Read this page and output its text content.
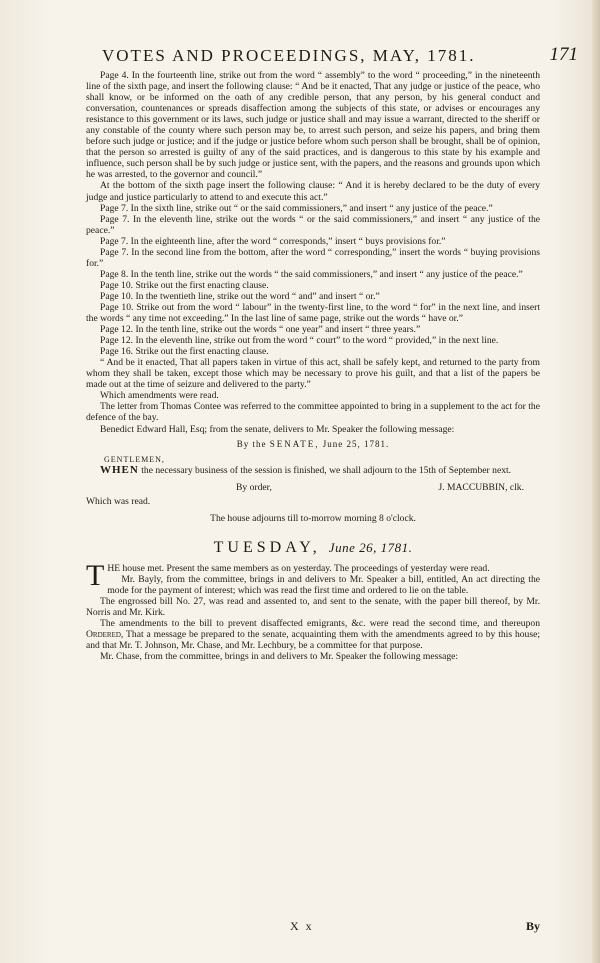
VOTES AND PROCEEDINGS, MAY, 1781.	171

Page 4. In the fourteenth line, strike out from the word “ assembly” to the word “ proceeding,” in the nineteenth line of the sixth page, and insert the following clause: “ And be it enacted, That any judge or justice of the peace, who shall know, or be informed on the oath of any credible person, that any person, by his general conduct and conversation, countenances or spreads disaffection among the subjects of this state, or advises or encourages any resistance to this government or its laws, such judge or justice shall and may issue a warrant, directed to the sheriff or any constable of the county where such person may be, to arrest such person, and seize his papers, and bring them before such judge or justice; and if the judge or justice before whom such person shall be brought, shall be of opinion, that the person so arrested is guilty of any of the said practices, and is dangerous to this state by his example and influence, such person shall be by such judge or justice sent, with the papers, and the reasons and grounds upon which he was arrested, to the governor and council.”

At the bottom of the sixth page insert the following clause: “ And it is hereby declared to be the duty of every judge and justice particularly to attend to and execute this act.”

Page 7. In the sixth line, strike out “ or the said commissioners,” and insert “ any justice of the peace.”

Page 7. In the eleventh line, strike out the words “ or the said commissioners,” and insert “ any justice of the peace.”

Page 7. In the eighteenth line, after the word “ corresponds,” insert “ buys provisions for.”

Page 7. In the second line from the bottom, after the word “ corresponding,” insert the words “ buying provisions for.”

Page 8. In the tenth line, strike out the words “ the said commissioners,” and insert “ any justice of the peace.”

Page 10. Strike out the first enacting clause.

Page 10. In the twentieth line, strike out the word “ and” and insert “ or.”

Page 10. Strike out from the word “ labour” in the twenty-first line, to the word “ for” in the next line, and insert the words “ any time not exceeding.” In the last line of same page, strike out the words “ have or.”

Page 12. In the tenth line, strike out the words “ one year” and insert “ three years.”

Page 12. In the eleventh line, strike out from the word “ court” to the word “ provided,” in the next line.

Page 16. Strike out the first enacting clause.

“ And be it enacted, That all papers taken in virtue of this act, shall be safely kept, and returned to the party from whom they shall be taken, except those which may be necessary to prove his guilt, and that a list of the papers be made out at the time of seizure and delivered to the party.”

Which amendments were read.

The letter from Thomas Contee was referred to the committee appointed to bring in a supplement to the act for the defence of the bay.

Benedict Edward Hall, Esq; from the senate, delivers to Mr. Speaker the following message:

By the SENATE, June 25, 1781.

GENTLEMEN,

WHEN the necessary business of the session is finished, we shall adjourn to the 15th of September next.

By order,	J. MACCUBBIN, clk.

Which was read.

The house adjourns till to-morrow morning 8 o'clock.

TUESDAY, June 26, 1781.

THE house met. Present the same members as on yesterday. The proceedings of yesterday were read.

Mr. Bayly, from the committee, brings in and delivers to Mr. Speaker a bill, entitled, An act directing the mode for the payment of interest; which was read the first time and ordered to lie on the table.

The engrossed bill No. 27, was read and assented to, and sent to the senate, with the paper bill thereof, by Mr. Norris and Mr. Kirk.

The amendments to the bill to prevent disaffected emigrants, &c. were read the second time, and thereupon Ordered, That a message be prepared to the senate, acquainting them with the amendments agreed to by this house; and that Mr. T. Johnson, Mr. Chase, and Mr. Lechbury, be a committee for that purpose.

Mr. Chase, from the committee, brings in and delivers to Mr. Speaker the following message:

X x	By
